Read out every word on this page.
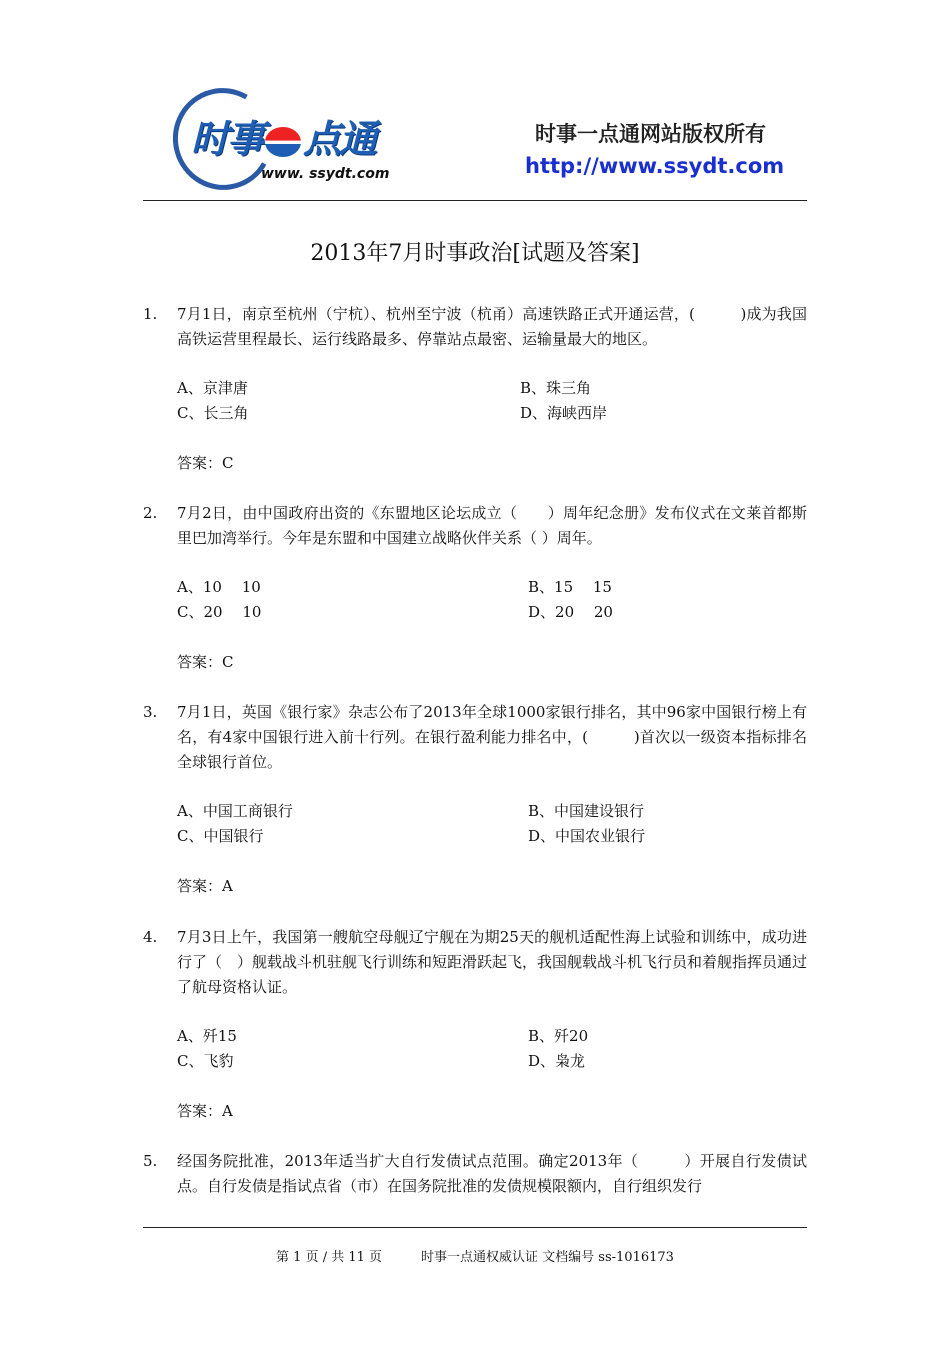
时事 点通
www. ssydt.com
时事一点通网站版权所有
http://www.ssydt.com
2013年7月时事政治[试题及答案]
1.	7月1日，南京至杭州（宁杭）、杭州至宁波（杭甬）高速铁路正式开通运营，(　　　)成为我国高铁运营里程最长、运行线路最多、停靠站点最密、运输量最大的地区。
A、京津唐	B、珠三角
C、长三角	D、海峡西岸
答案：C
2.	7月2日，由中国政府出资的《东盟地区论坛成立（　　）周年纪念册》发布仪式在文莱首都斯里巴加湾举行。今年是东盟和中国建立战略伙伴关系（ ）周年。
A、10　 10	B、15　 15
C、20　 10	D、20　 20
答案：C
3.	7月1日，英国《银行家》杂志公布了2013年全球1000家银行排名，其中96家中国银行榜上有名，有4家中国银行进入前十行列。在银行盈利能力排名中，(　　　)首次以一级资本指标排名全球银行首位。
A、中国工商银行	B、中国建设银行
C、中国银行	D、中国农业银行
答案：A
4.	7月3日上午，我国第一艘航空母舰辽宁舰在为期25天的舰机适配性海上试验和训练中，成功进行了（　）舰载战斗机驻舰飞行训练和短距滑跃起飞，我国舰载战斗机飞行员和着舰指挥员通过了航母资格认证。
A、歼15	B、歼20
C、飞豹	D、枭龙
答案：A
5.	经国务院批准，2013年适当扩大自行发债试点范围。确定2013年（　　　）开展自行发债试点。自行发债是指试点省（市）在国务院批准的发债规模限额内，自行组织发行
第 1 页 / 共 11 页　　　时事一点通权威认证 文档编号 ss-1016173
